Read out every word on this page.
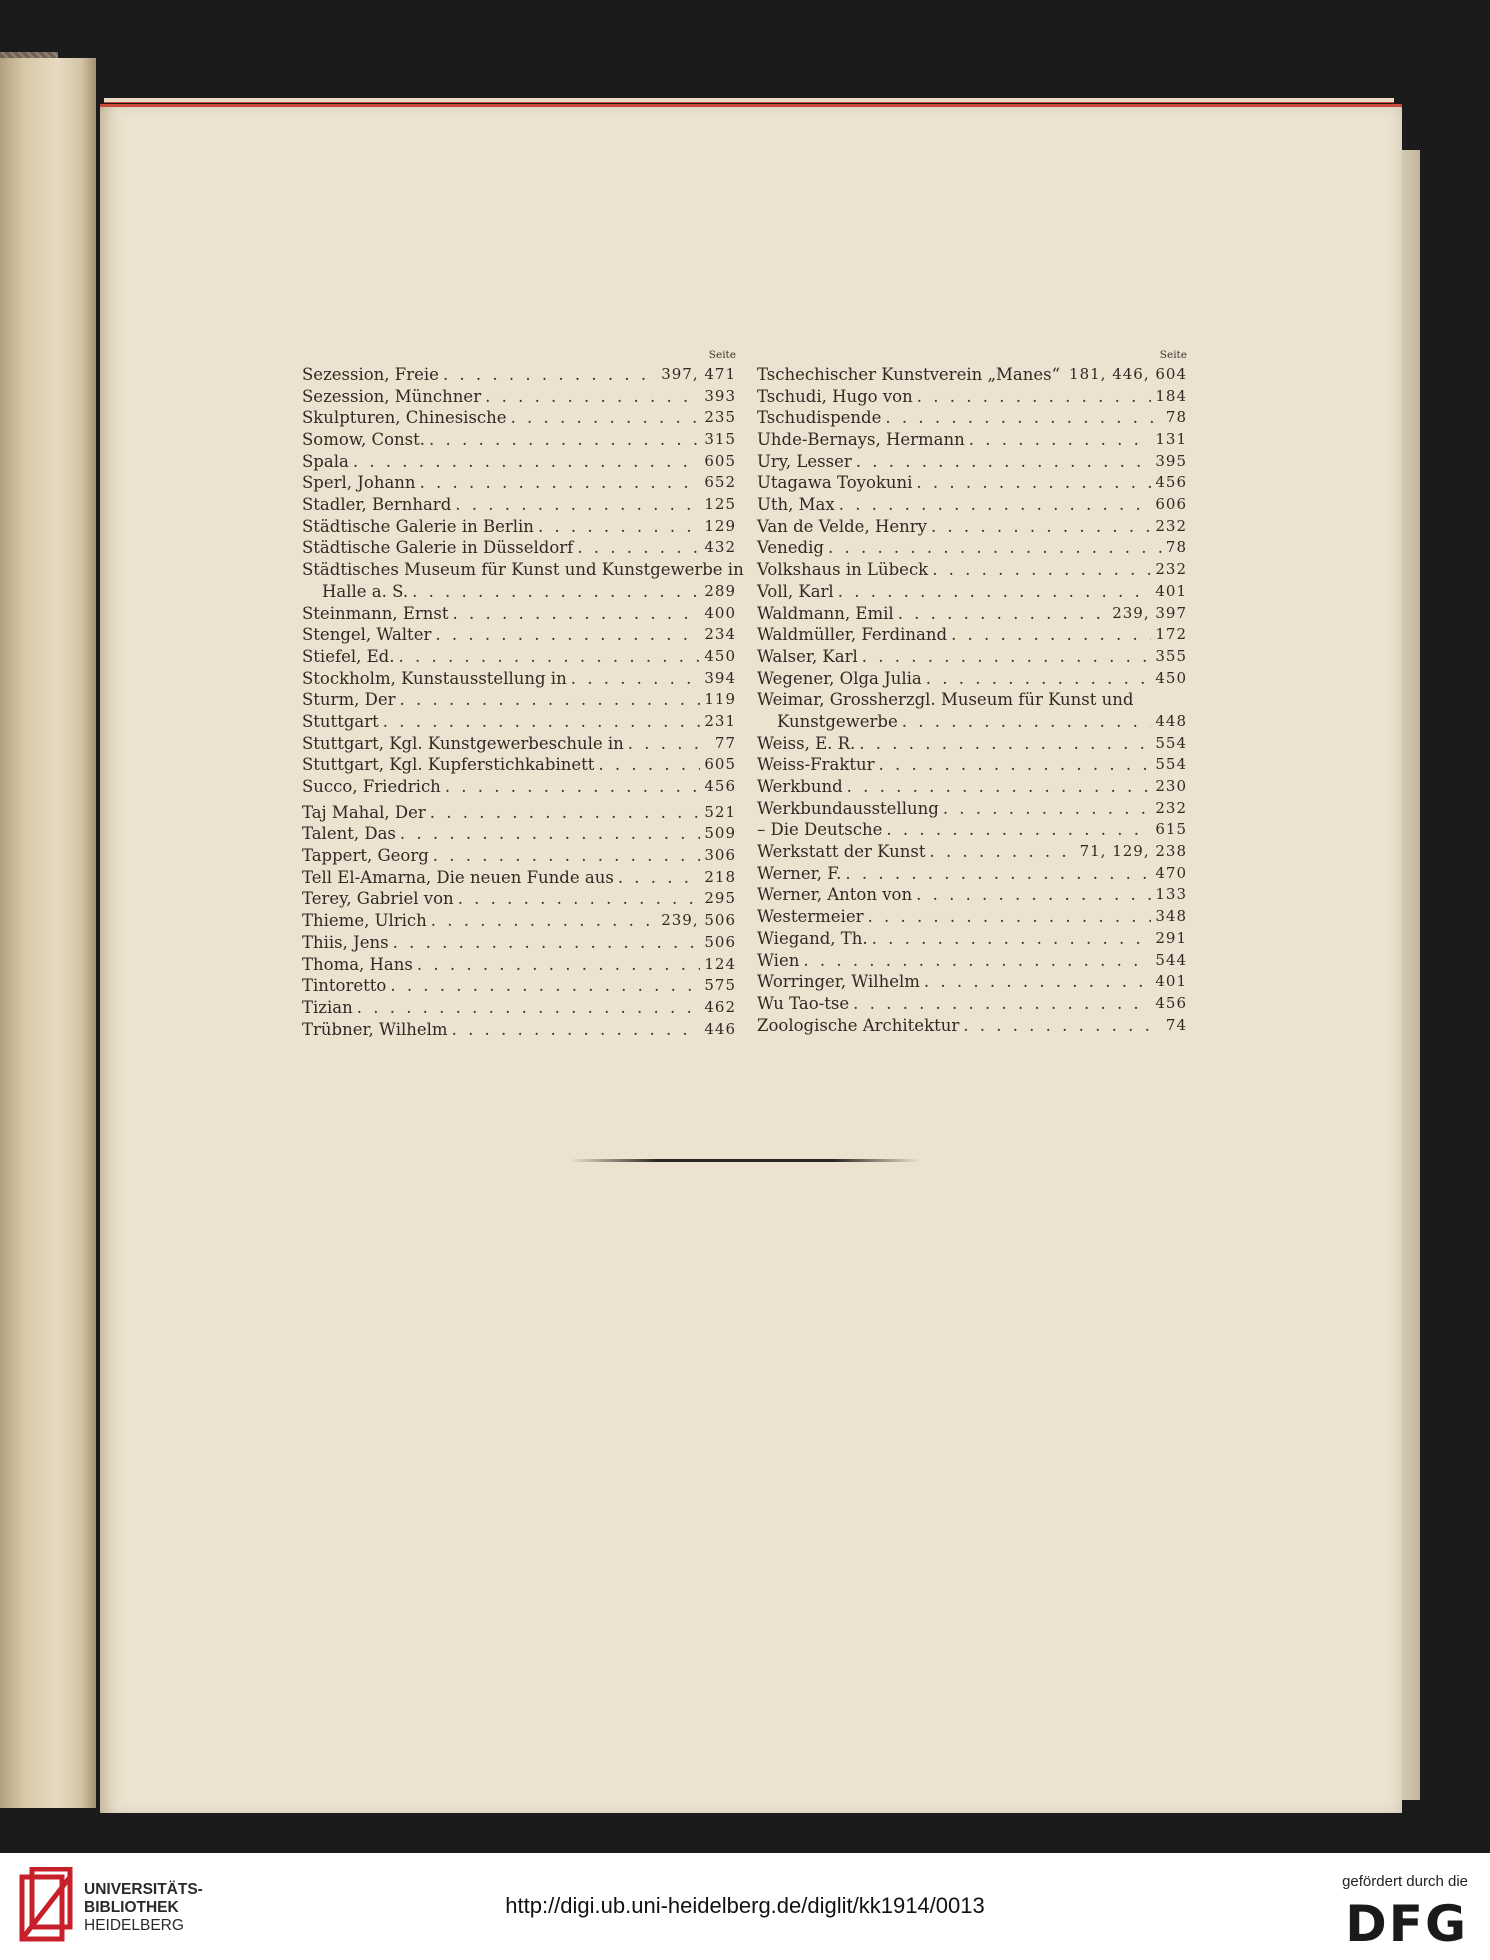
Seite
Sezession, Freie . . .	397, 471
Sezession, Münchner . . .	393
Skulpturen, Chinesische . . .	235
Somow, Const. . . .	315
Spala . . .	605
Sperl, Johann . . .	652
Stadler, Bernhard . . .	125
Städtische Galerie in Berlin . . .	129
Städtische Galerie in Düsseldorf . . .	432
Städtisches Museum für Kunst und Kunstgewerbe in
Halle a. S. . . .	289
Steinmann, Ernst . . .	400
Stengel, Walter . . .	234
Stiefel, Ed. . . .	450
Stockholm, Kunstausstellung in . . .	394
Sturm, Der . . .	119
Stuttgart . . .	231
Stuttgart, Kgl. Kunstgewerbeschule in . . .	77
Stuttgart, Kgl. Kupferstichkabinett . . .	605
Succo, Friedrich . . .	456
Taj Mahal, Der . . .	521
Talent, Das . . .	509
Tappert, Georg . . .	306
Tell El-Amarna, Die neuen Funde aus . . .	218
Terey, Gabriel von . . .	295
Thieme, Ulrich . . .	239, 506
Thiis, Jens . . .	506
Thoma, Hans . . .	124
Tintoretto . . .	575
Tizian . . .	462
Trübner, Wilhelm . . .	446
Seite
Tschechischer Kunstverein „Manes“ . . . 181, 446, 604
Tschudi, Hugo von . . .	184
Tschudispende . . .	78
Uhde-Bernays, Hermann . . .	131
Ury, Lesser . . .	395
Utagawa Toyokuni . . .	456
Uth, Max . . .	606
Van de Velde, Henry . . .	232
Venedig . . .	78
Volkshaus in Lübeck . . .	232
Voll, Karl . . .	401
Waldmann, Emil . . .	239, 397
Waldmüller, Ferdinand . . .	172
Walser, Karl . . .	355
Wegener, Olga Julia . . .	450
Weimar, Grossherzgl. Museum für Kunst und
Kunstgewerbe . . .	448
Weiss, E. R. . . .	554
Weiss-Fraktur . . .	554
Werkbund . . .	230
Werkbundausstellung . . .	232
– Die Deutsche . . .	615
Werkstatt der Kunst . . .	71, 129, 238
Werner, F. . . .	470
Werner, Anton von . . .	133
Westermeier . . .	348
Wiegand, Th. . . .	291
Wien . . .	544
Worringer, Wilhelm . . .	401
Wu Tao-tse . . .	456
Zoologische Architektur . . .	74
UNIVERSITÄTS-
BIBLIOTHEK
HEIDELBERG
http://digi.ub.uni-heidelberg.de/diglit/kk1914/0013
gefördert durch die
DFG
